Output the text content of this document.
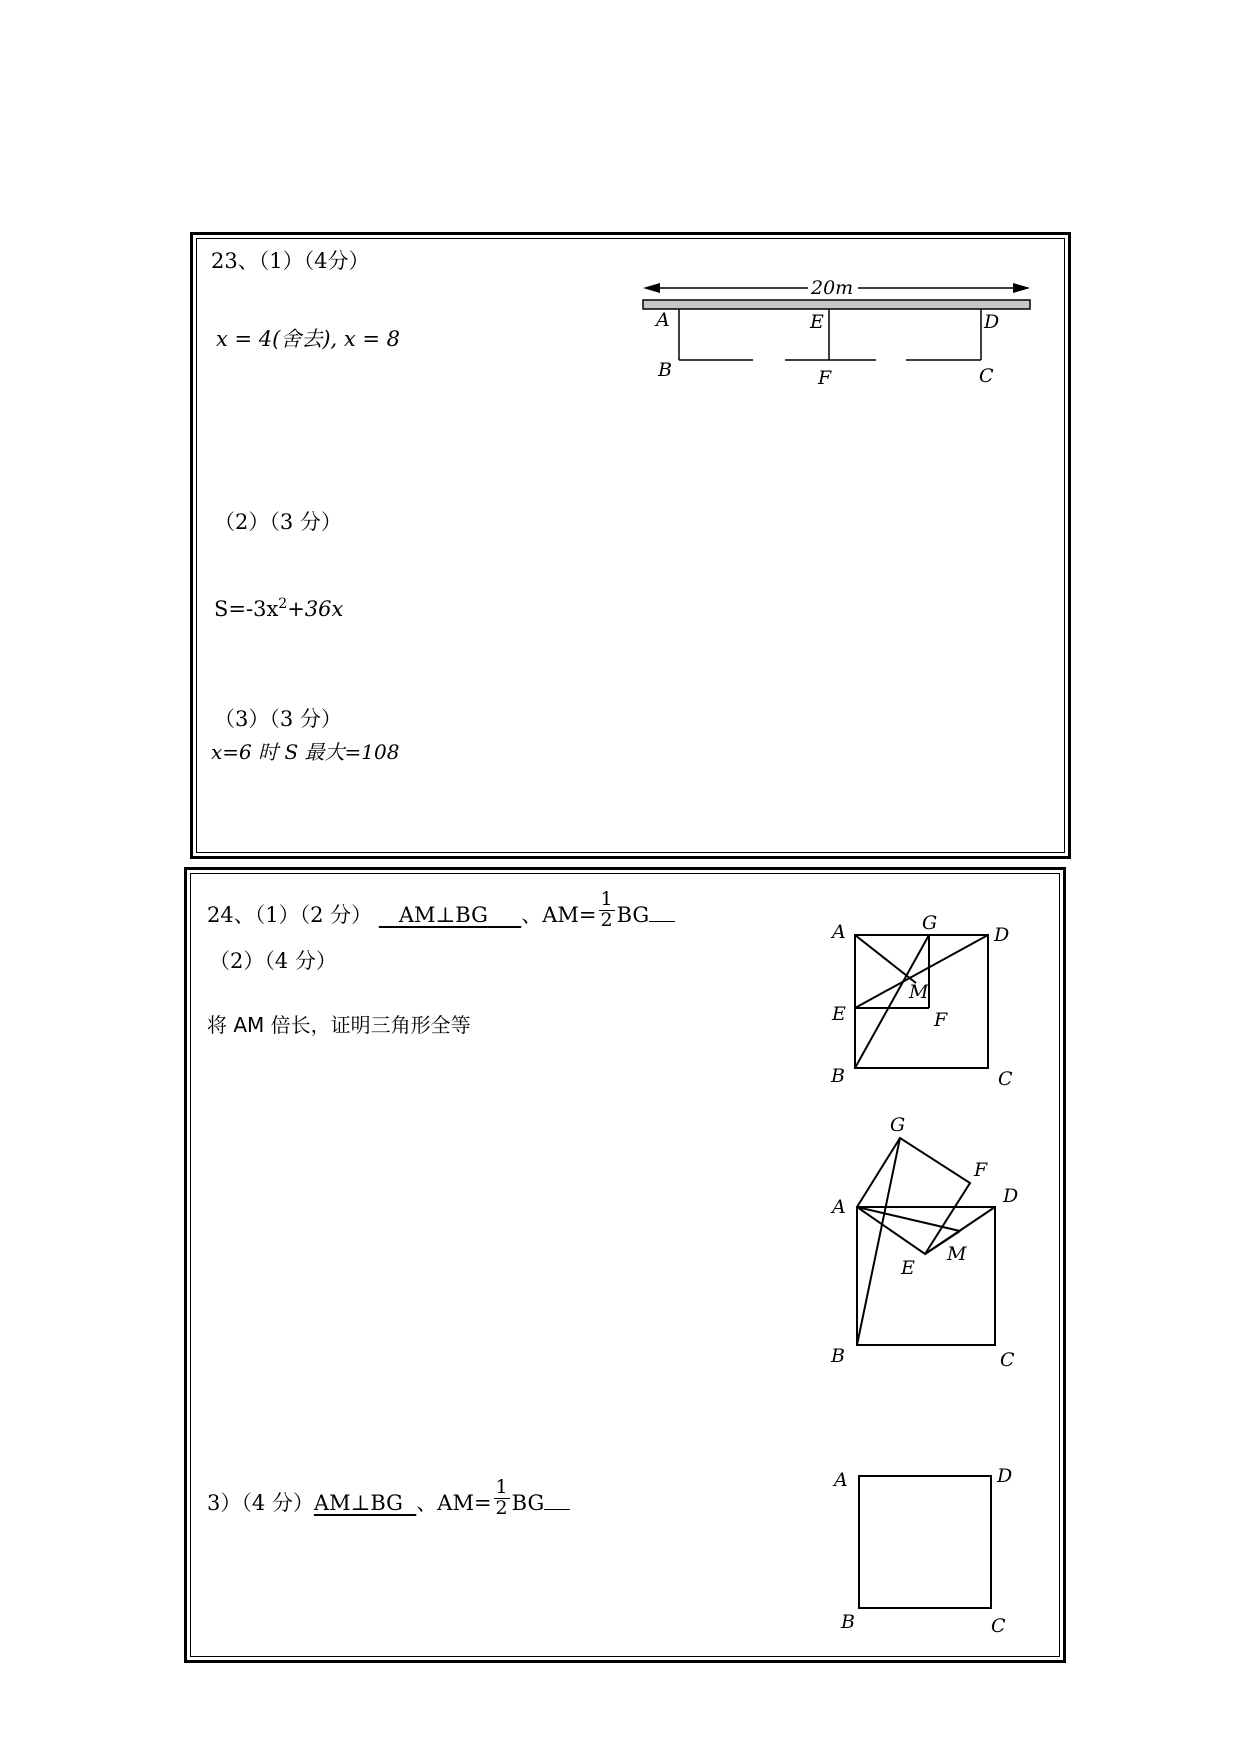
23、（1）（4分）
x = 4(舍去), x = 8
（2）（3 分）
$S=-3x^2+36x$
（3）（3 分）
x=6 时 S 最大=108
20m
A	E	D
B	F	C
24、（1）（2 分） AM⊥BG 、$AM= \frac{1}{2}$ BG
（2）（4 分）
将 AM 倍长，证明三角形全等
3）（4 分）AM⊥BG 、$AM= \frac{1}{2}$ BG
A	G
D
M
E	F
B	C
G
F
A	D
E
M
B	C
A	D
B	C
